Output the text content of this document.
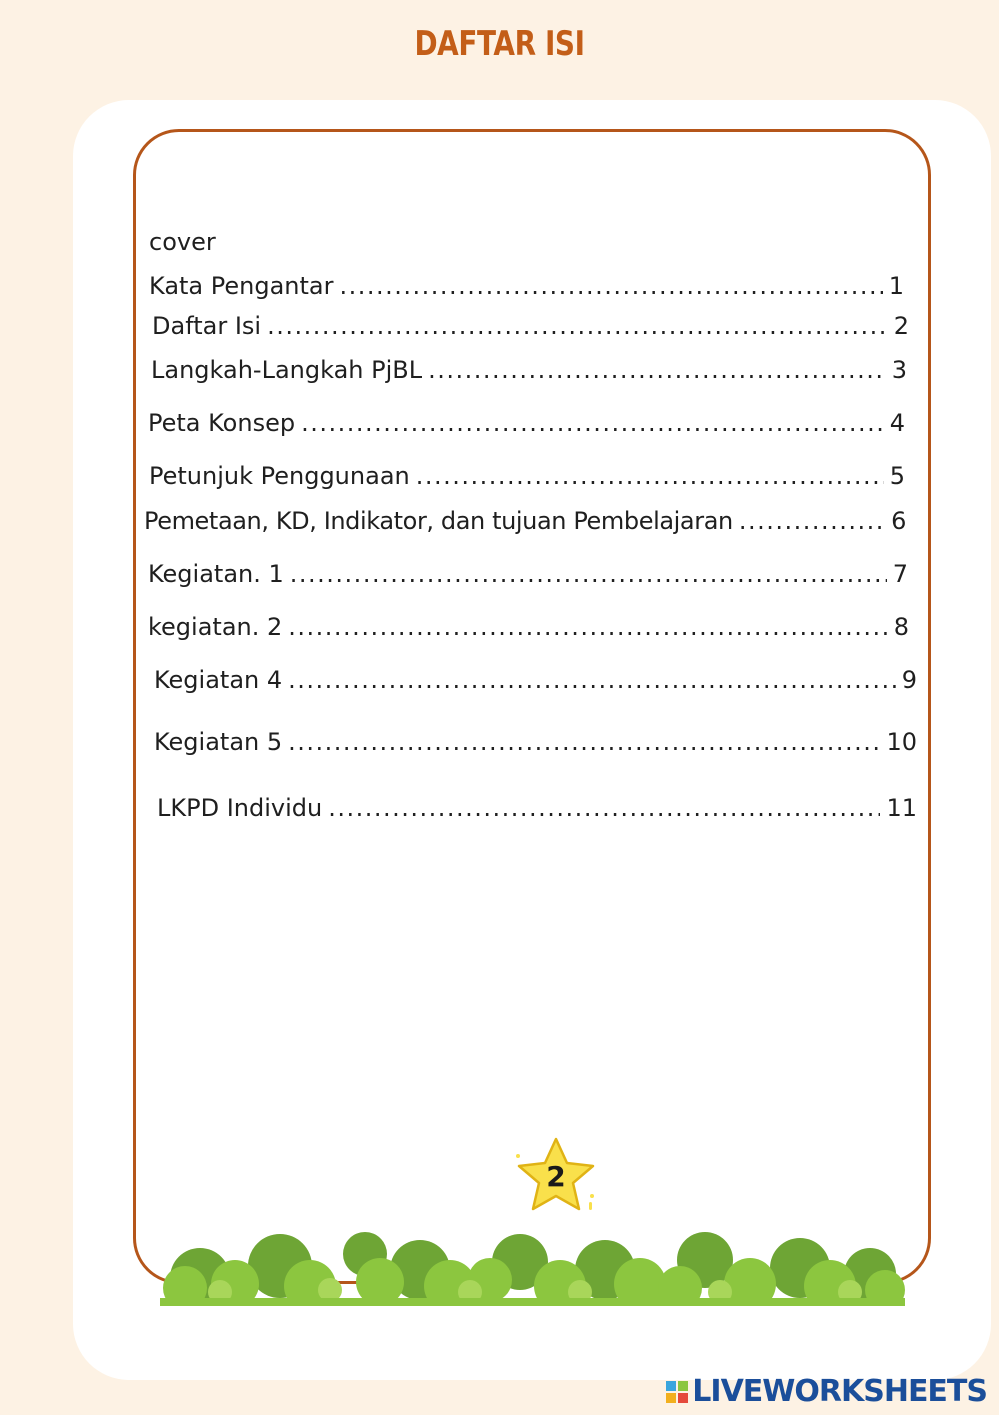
DAFTAR ISI
cover
Kata Pengantar .....	1
Daftar Isi .....	2
Langkah-Langkah PjBL .....	3
Peta Konsep .....	4
Petunjuk Penggunaan .....	5
Pemetaan, KD, Indikator, dan tujuan Pembelajaran .....	6
Kegiatan. 1 .....	7
kegiatan. 2 .....	8
Kegiatan 4 .....	9
Kegiatan 5 .....	10
LKPD Individu .....	11
2
LIVEWORKSHEETS
